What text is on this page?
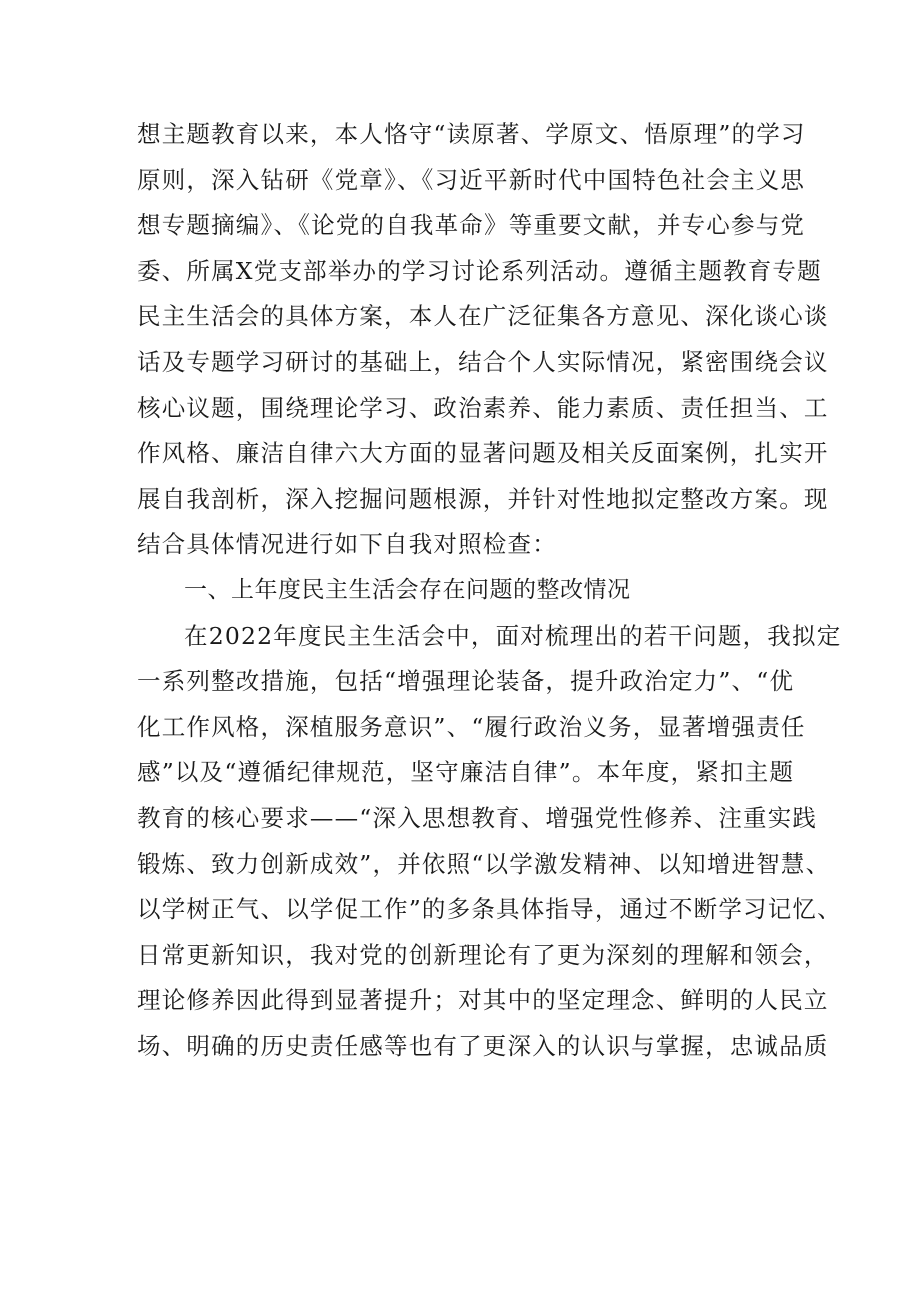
想主题教育以来，本人恪守“读原著、学原文、悟原理”的学习
原则，深入钻研《党章》、《习近平新时代中国特色社会主义思
想专题摘编》、《论党的自我革命》等重要文献，并专心参与党
委、所属X党支部举办的学习讨论系列活动。遵循主题教育专题
民主生活会的具体方案，本人在广泛征集各方意见、深化谈心谈
话及专题学习研讨的基础上，结合个人实际情况，紧密围绕会议
核心议题，围绕理论学习、政治素养、能力素质、责任担当、工
作风格、廉洁自律六大方面的显著问题及相关反面案例，扎实开
展自我剖析，深入挖掘问题根源，并针对性地拟定整改方案。现
结合具体情况进行如下自我对照检查：
一、上年度民主生活会存在问题的整改情况
在2022年度民主生活会中，面对梳理出的若干问题，我拟定
一系列整改措施，包括“增强理论装备，提升政治定力”、“优
化工作风格，深植服务意识”、“履行政治义务，显著增强责任
感”以及“遵循纪律规范，坚守廉洁自律”。本年度，紧扣主题
教育的核心要求——“深入思想教育、增强党性修养、注重实践
锻炼、致力创新成效”，并依照“以学激发精神、以知增进智慧、
以学树正气、以学促工作”的多条具体指导，通过不断学习记忆、
日常更新知识，我对党的创新理论有了更为深刻的理解和领会，
理论修养因此得到显著提升；对其中的坚定理念、鲜明的人民立
场、明确的历史责任感等也有了更深入的认识与掌握，忠诚品质
